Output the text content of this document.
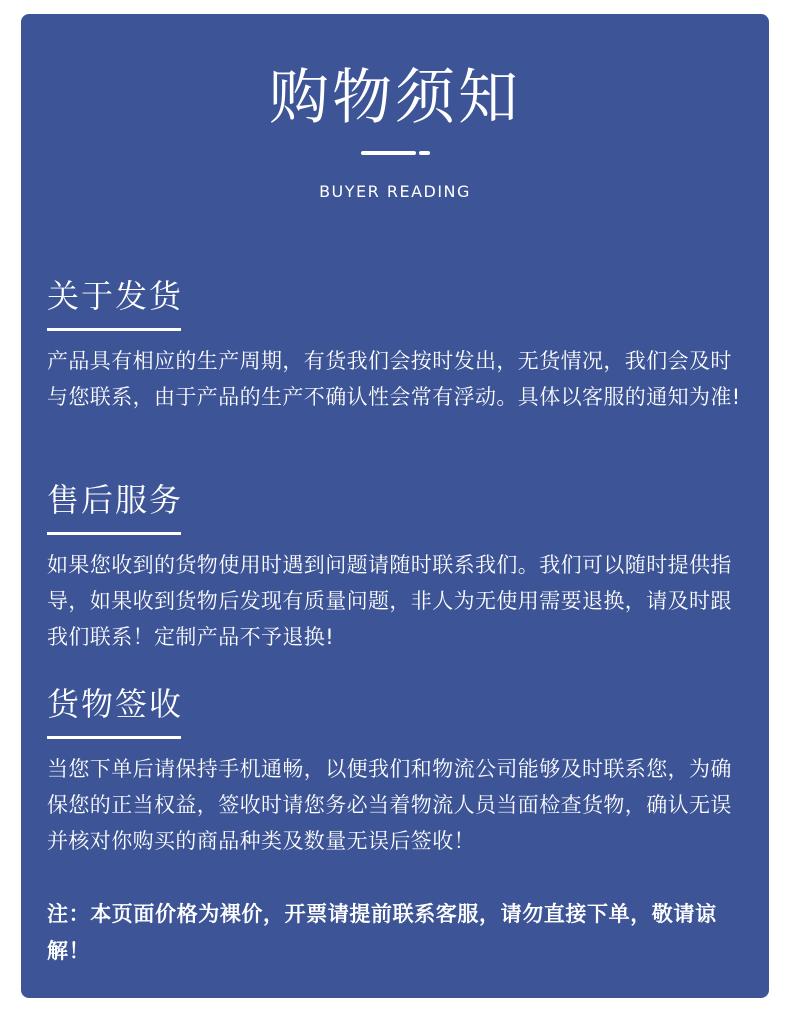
购物须知
BUYER READING
关于发货

产品具有相应的生产周期，有货我们会按时发出，无货情况，我们会及时与您联系，由于产品的生产不确认性会常有浮动。具体以客服的通知为准!

售后服务

如果您收到的货物使用时遇到问题请随时联系我们。我们可以随时提供指导，如果收到货物后发现有质量问题，非人为无使用需要退换，请及时跟我们联系！定制产品不予退换!

货物签收

当您下单后请保持手机通畅，以便我们和物流公司能够及时联系您，为确保您的正当权益，签收时请您务必当着物流人员当面检查货物，确认无误并核对你购买的商品种类及数量无误后签收！

注：本页面价格为裸价，开票请提前联系客服，请勿直接下单，敬请谅解！
